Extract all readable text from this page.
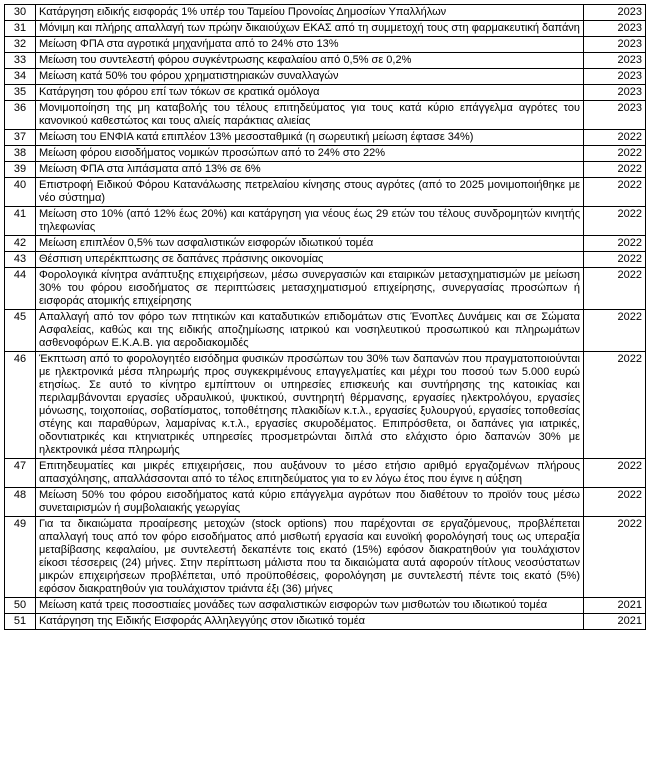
30	Κατάργηση ειδικής εισφοράς 1% υπέρ του Ταμείου Προνοίας Δημοσίων Υπαλλήλων	2023
31	Μόνιμη και πλήρης απαλλαγή των πρώην δικαιούχων ΕΚΑΣ από τη συμμετοχή τους στη φαρμακευτική δαπάνη	2023
32	Μείωση ΦΠΑ στα αγροτικά μηχανήματα από το 24% στο 13%	2023
33	Μείωση του συντελεστή φόρου συγκέντρωσης κεφαλαίου από 0,5% σε 0,2%	2023
34	Μείωση κατά 50% του φόρου χρηματιστηριακών συναλλαγών	2023
35	Κατάργηση του φόρου επί των τόκων σε κρατικά ομόλογα	2023
36	Μονιμοποίηση της μη καταβολής του τέλους επιτηδεύματος για τους κατά κύριο επάγγελμα αγρότες του κανονικού καθεστώτος και τους αλιείς παράκτιας αλιείας	2023
37	Μείωση του ΕΝΦΙΑ κατά επιπλέον 13% μεσοσταθμικά (η σωρευτική μείωση έφτασε 34%)	2022
38	Μείωση φόρου εισοδήματος νομικών προσώπων από το 24% στο 22%	2022
39	Μείωση ΦΠΑ στα λιπάσματα από 13% σε 6%	2022
40	Επιστροφή Ειδικού Φόρου Κατανάλωσης πετρελαίου κίνησης στους αγρότες (από το 2025 μονιμοποιήθηκε με νέο σύστημα)	2022
41	Μείωση στο 10% (από 12% έως 20%) και κατάργηση για νέους έως 29 ετών του τέλους συνδρομητών κινητής τηλεφωνίας	2022
42	Μείωση επιπλέον 0,5% των ασφαλιστικών εισφορών ιδιωτικού τομέα	2022
43	Θέσπιση υπερέκπτωσης σε δαπάνες πράσινης οικονομίας	2022
44	Φορολογικά κίνητρα ανάπτυξης επιχειρήσεων, μέσω συνεργασιών και εταιρικών μετασχηματισμών με μείωση 30% του φόρου εισοδήματος σε περιπτώσεις μετασχηματισμού επιχείρησης, συνεργασίας προσώπων ή εισφοράς ατομικής επιχείρησης	2022
45	Απαλλαγή από τον φόρο των πτητικών και καταδυτικών επιδομάτων στις Ένοπλες Δυνάμεις και σε Σώματα Ασφαλείας, καθώς και της ειδικής αποζημίωσης ιατρικού και νοσηλευτικού προσωπικού και πληρωμάτων ασθενοφόρων Ε.Κ.Α.Β. για αεροδιακομιδές	2022
46	Έκπτωση από το φορολογητέο εισόδημα φυσικών προσώπων του 30% των δαπανών που πραγματοποιούνται με ηλεκτρονικά μέσα πληρωμής προς συγκεκριμένους επαγγελματίες και μέχρι του ποσού των 5.000 ευρώ ετησίως. Σε αυτό το κίνητρο εμπίπτουν οι υπηρεσίες επισκευής και συντήρησης της κατοικίας και περιλαμβάνονται εργασίες υδραυλικού, ψυκτικού, συντηρητή θέρμανσης, εργασίες ηλεκτρολόγου, εργασίες μόνωσης, τοιχοποιίας, σοβατίσματος, τοποθέτησης πλακιδίων κ.τ.λ., εργασίες ξυλουργού, εργασίες τοποθεσίας στέγης και παραθύρων, λαμαρίνας κ.τ.λ., εργασίες σκυροδέματος. Επιπρόσθετα, οι δαπάνες για ιατρικές, οδοντιατρικές και κτηνιατρικές υπηρεσίες προσμετρώνται διπλά στο ελάχιστο όριο δαπανών 30% με ηλεκτρονικά μέσα πληρωμής	2022
47	Επιτηδευματίες και μικρές επιχειρήσεις, που αυξάνουν το μέσο ετήσιο αριθμό εργαζομένων πλήρους απασχόλησης, απαλλάσσονται από το τέλος επιτηδεύματος για το εν λόγω έτος που έγινε η αύξηση	2022
48	Μείωση 50% του φόρου εισοδήματος κατά κύριο επάγγελμα αγρότων που διαθέτουν το προϊόν τους μέσω συνεταιρισμών ή συμβολαιακής γεωργίας	2022
49	Για τα δικαιώματα προαίρεσης μετοχών (stock options) που παρέχονται σε εργαζόμενους, προβλέπεται απαλλαγή τους από τον φόρο εισοδήματος από μισθωτή εργασία και ευνοϊκή φορολόγησή τους ως υπεραξία μεταβίβασης κεφαλαίου, με συντελεστή δεκαπέντε τοις εκατό (15%) εφόσον διακρατηθούν για τουλάχιστον είκοσι τέσσερεις (24) μήνες. Στην περίπτωση μάλιστα που τα δικαιώματα αυτά αφορούν τίτλους νεοσύστατων μικρών επιχειρήσεων προβλέπεται, υπό προϋποθέσεις, φορολόγηση με συντελεστή πέντε τοις εκατό (5%) εφόσον διακρατηθούν για τουλάχιστον τριάντα έξι (36) μήνες	2022
50	Μείωση κατά τρεις ποσοστιαίες μονάδες των ασφαλιστικών εισφορών των μισθωτών του ιδιωτικού τομέα	2021
51	Κατάργηση της Ειδικής Εισφοράς Αλληλεγγύης στον ιδιωτικό τομέα	2021
